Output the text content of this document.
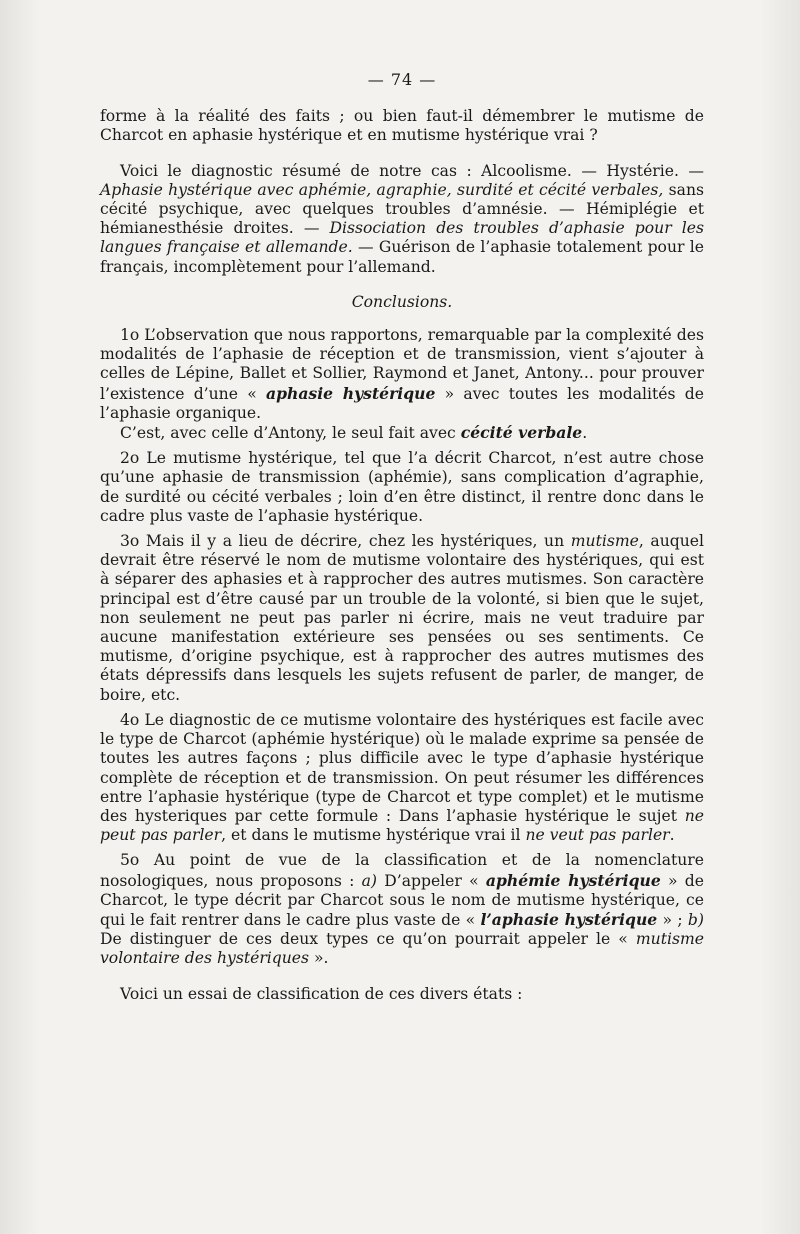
— 74 —

forme à la réalité des faits ; ou bien faut-il démembrer le mutisme de Charcot en aphasie hystérique et en mutisme hystérique vrai ?

Voici le diagnostic résumé de notre cas : Alcoolisme. — Hystérie. — Aphasie hystérique avec aphémie, agraphie, surdité et cécité verbales, sans cécité psychique, avec quelques troubles d’amnésie. — Hémiplégie et hémianesthésie droites. — Dissociation des troubles d’aphasie pour les langues française et allemande. — Guérison de l’aphasie totalement pour le français, incomplètement pour l’allemand.

Conclusions.

1o L’observation que nous rapportons, remarquable par la complexité des modalités de l’aphasie de réception et de transmission, vient s’ajouter à celles de Lépine, Ballet et Sollier, Raymond et Janet, Antony... pour prouver l’existence d’une « aphasie hystérique » avec toutes les modalités de l’aphasie organique.

C’est, avec celle d’Antony, le seul fait avec cécité verbale.

2o Le mutisme hystérique, tel que l’a décrit Charcot, n’est autre chose qu’une aphasie de transmission (aphémie), sans complication d’agraphie, de surdité ou cécité verbales ; loin d’en être distinct, il rentre donc dans le cadre plus vaste de l’aphasie hystérique.

3o Mais il y a lieu de décrire, chez les hystériques, un mutisme, auquel devrait être réservé le nom de mutisme volontaire des hystériques, qui est à séparer des aphasies et à rapprocher des autres mutismes. Son caractère principal est d’être causé par un trouble de la volonté, si bien que le sujet, non seulement ne peut pas parler ni écrire, mais ne veut traduire par aucune manifestation extérieure ses pensées ou ses sentiments. Ce mutisme, d’origine psychique, est à rapprocher des autres mutismes des états dépressifs dans lesquels les sujets refusent de parler, de manger, de boire, etc.

4o Le diagnostic de ce mutisme volontaire des hystériques est facile avec le type de Charcot (aphémie hystérique) où le malade exprime sa pensée de toutes les autres façons ; plus difficile avec le type d’aphasie hystérique complète de réception et de transmission. On peut résumer les différences entre l’aphasie hystérique (type de Charcot et type complet) et le mutisme des hysteriques par cette formule : Dans l’aphasie hystérique le sujet ne peut pas parler, et dans le mutisme hystérique vrai il ne veut pas parler.

5o Au point de vue de la classification et de la nomenclature nosologiques, nous proposons : a) D’appeler « aphémie hystérique » de Charcot, le type décrit par Charcot sous le nom de mutisme hystérique, ce qui le fait rentrer dans le cadre plus vaste de « l’aphasie hystérique » ; b) De distinguer de ces deux types ce qu’on pourrait appeler le « mutisme volontaire des hystériques ».

Voici un essai de classification de ces divers états :
